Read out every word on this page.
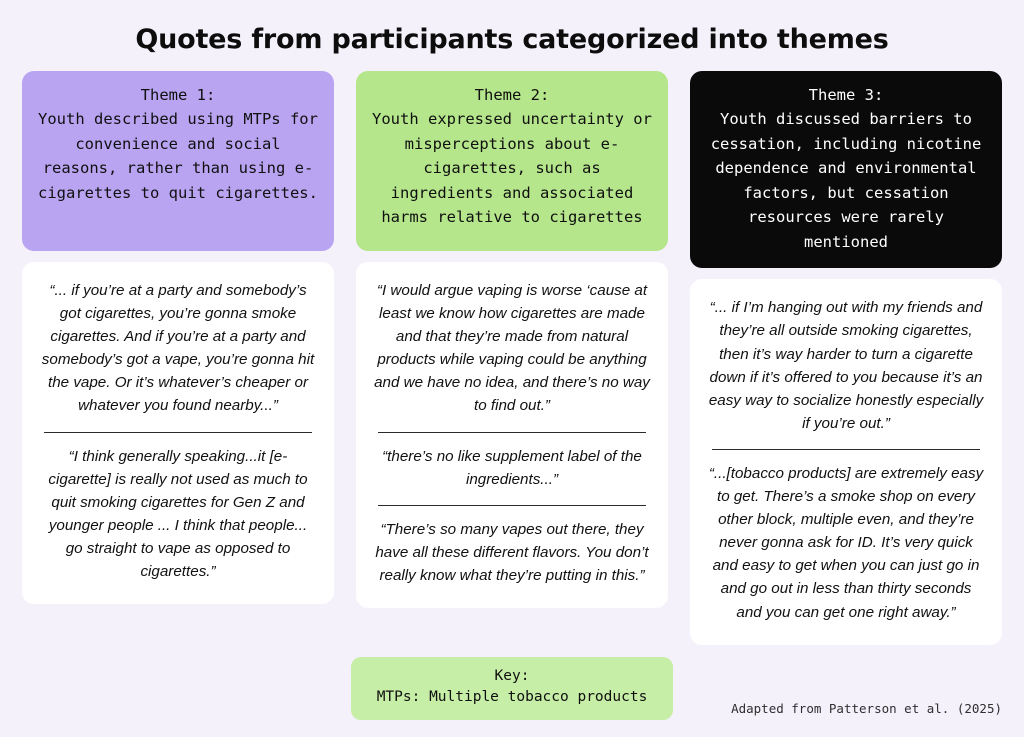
Quotes from participants categorized into themes
Theme 1:
Youth described using MTPs for convenience and social reasons, rather than using e-cigarettes to quit cigarettes.

“... if you’re at a party and somebody’s got cigarettes, you’re gonna smoke cigarettes. And if you’re at a party and somebody’s got a vape, you’re gonna hit the vape. Or it’s whatever’s cheaper or whatever you found nearby...”

“I think generally speaking...it [e-cigarette] is really not used as much to quit smoking cigarettes for Gen Z and younger people ... I think that people... go straight to vape as opposed to cigarettes.”

Theme 2:
Youth expressed uncertainty or misperceptions about e-cigarettes, such as ingredients and associated harms relative to cigarettes

“I would argue vaping is worse ‘cause at least we know how cigarettes are made and that they’re made from natural products while vaping could be anything and we have no idea, and there’s no way to find out.”

“there’s no like supplement label of the ingredients...”

“There’s so many vapes out there, they have all these different flavors. You don’t really know what they’re putting in this.”

Theme 3:
Youth discussed barriers to cessation, including nicotine dependence and environmental factors, but cessation resources were rarely mentioned

“... if I’m hanging out with my friends and they’re all outside smoking cigarettes, then it’s way harder to turn a cigarette down if it’s offered to you because it’s an easy way to socialize honestly especially if you’re out.”

“...[tobacco products] are extremely easy to get. There’s a smoke shop on every other block, multiple even, and they’re never gonna ask for ID. It’s very quick and easy to get when you can just go in and go out in less than thirty seconds and you can get one right away.”

Key:
MTPs: Multiple tobacco products
Adapted from Patterson et al. (2025)
